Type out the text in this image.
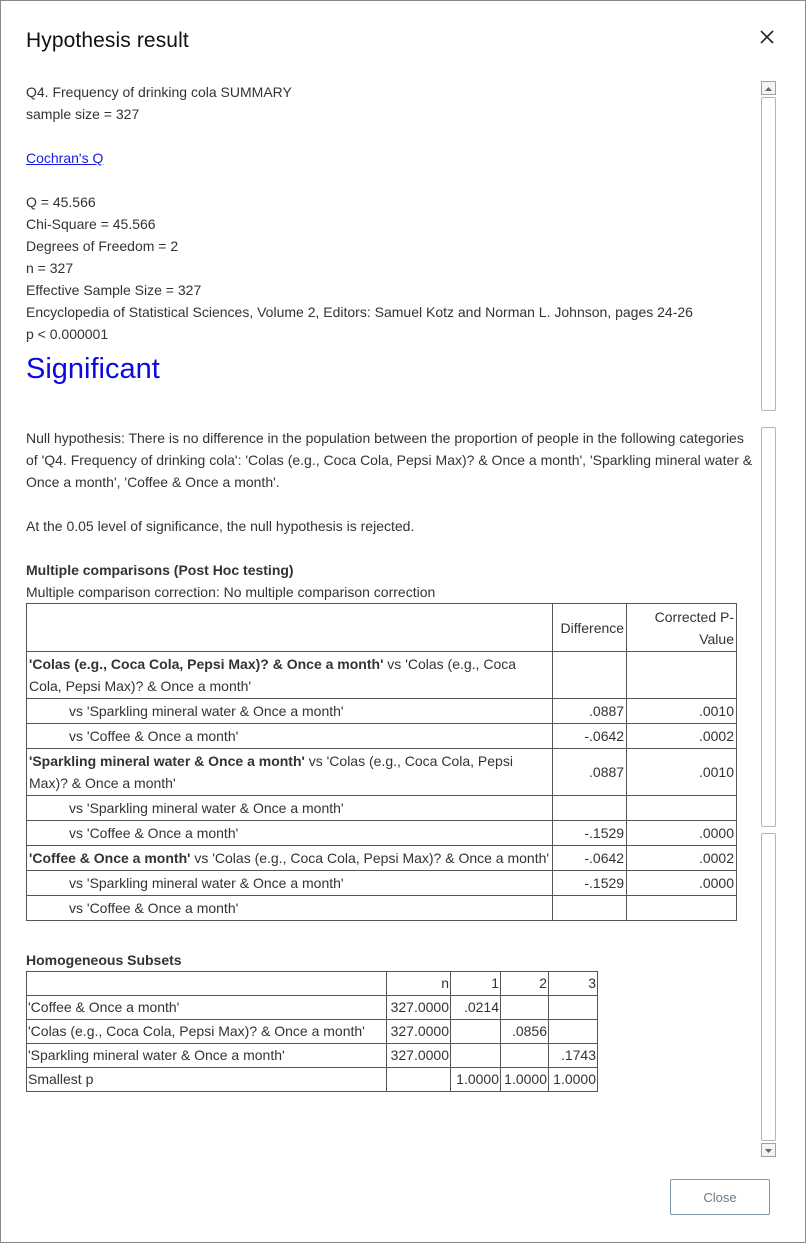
Hypothesis result

Q4. Frequency of drinking cola SUMMARY

sample size = 327

Cochran's Q

Q = 45.566

Chi-Square = 45.566

Degrees of Freedom = 2

n = 327

Effective Sample Size = 327

Encyclopedia of Statistical Sciences, Volume 2, Editors: Samuel Kotz and Norman L. Johnson, pages 24-26

p < 0.000001

Significant

Null hypothesis: There is no difference in the population between the proportion of people in the following categories of 'Q4. Frequency of drinking cola': 'Colas (e.g., Coca Cola, Pepsi Max)? & Once a month', 'Sparkling mineral water & Once a month', 'Coffee & Once a month'.

At the 0.05 level of significance, the null hypothesis is rejected.

Multiple comparisons (Post Hoc testing)

Multiple comparison correction: No multiple comparison correction

	Difference	Corrected P-Value
'Colas (e.g., Coca Cola, Pepsi Max)? & Once a month' vs 'Colas (e.g., Coca Cola, Pepsi Max)? & Once a month'		
vs 'Sparkling mineral water & Once a month'	.0887	.0010
vs 'Coffee & Once a month'	-.0642	.0002
'Sparkling mineral water & Once a month' vs 'Colas (e.g., Coca Cola, Pepsi Max)? & Once a month'	.0887	.0010
vs 'Sparkling mineral water & Once a month'		
vs 'Coffee & Once a month'	-.1529	.0000
'Coffee & Once a month' vs 'Colas (e.g., Coca Cola, Pepsi Max)? & Once a month'	-.0642	.0002
vs 'Sparkling mineral water & Once a month'	-.1529	.0000
vs 'Coffee & Once a month'		

Homogeneous Subsets

	n	1	2	3
'Coffee & Once a month'	327.0000	.0214		
'Colas (e.g., Coca Cola, Pepsi Max)? & Once a month'	327.0000		.0856	
'Sparkling mineral water & Once a month'	327.0000			.1743
Smallest p		1.0000	1.0000	1.0000
Close
